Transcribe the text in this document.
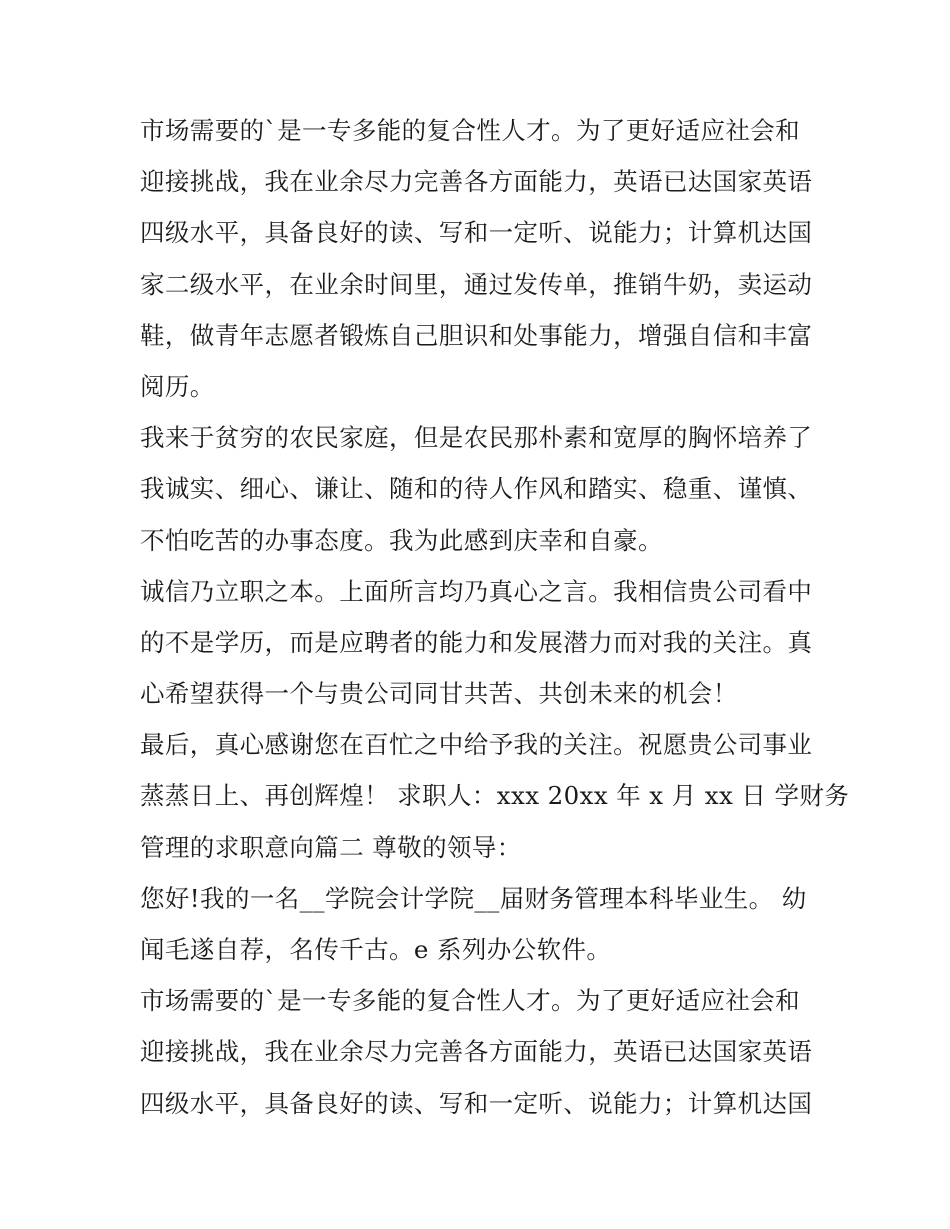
市场需要的`是一专多能的复合性人才。为了更好适应社会和
迎接挑战，我在业余尽力完善各方面能力，英语已达国家英语
四级水平，具备良好的读、写和一定听、说能力；计算机达国
家二级水平，在业余时间里，通过发传单，推销牛奶，卖运动
鞋，做青年志愿者锻炼自己胆识和处事能力，增强自信和丰富
阅历。
我来于贫穷的农民家庭，但是农民那朴素和宽厚的胸怀培养了
我诚实、细心、谦让、随和的待人作风和踏实、稳重、谨慎、
不怕吃苦的办事态度。我为此感到庆幸和自豪。
诚信乃立职之本。上面所言均乃真心之言。我相信贵公司看中
的不是学历，而是应聘者的能力和发展潜力而对我的关注。真
心希望获得一个与贵公司同甘共苦、共创未来的机会！
最后，真心感谢您在百忙之中给予我的关注。祝愿贵公司事业
蒸蒸日上、再创辉煌！ 求职人：xxx 20xx 年 x 月 xx 日 学财务
管理的求职意向篇二 尊敬的领导：
您好!我的一名__学院会计学院__届财务管理本科毕业生。 幼
闻毛遂自荐，名传千古。e 系列办公软件。
市场需要的`是一专多能的复合性人才。为了更好适应社会和
迎接挑战，我在业余尽力完善各方面能力，英语已达国家英语
四级水平，具备良好的读、写和一定听、说能力；计算机达国
